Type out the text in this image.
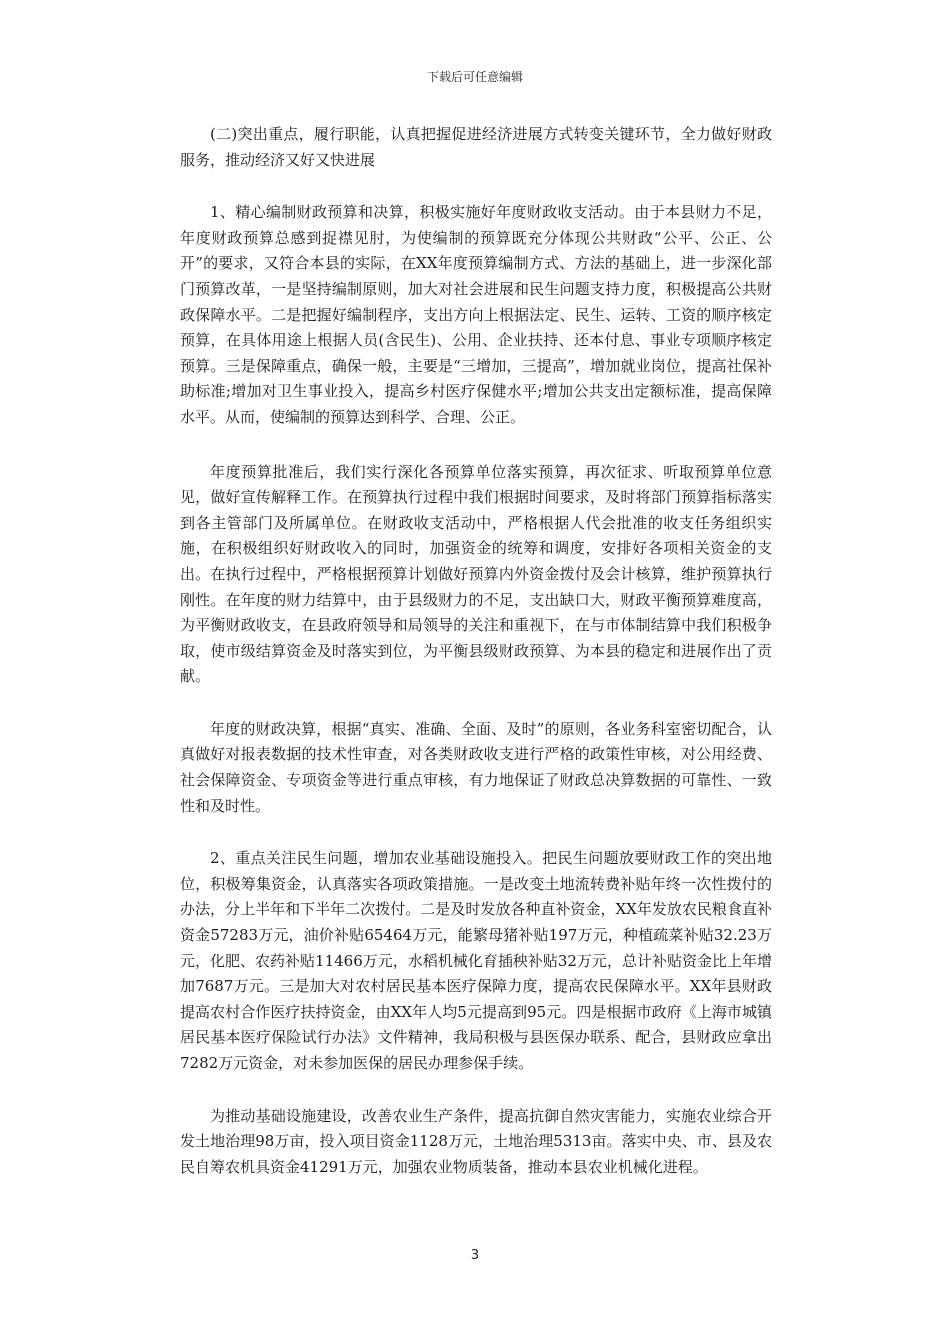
下载后可任意编辑

(二)突出重点，履行职能，认真把握促进经济进展方式转变关键环节，全力做好财政服务，推动经济又好又快进展

1、精心编制财政预算和决算，积极实施好年度财政收支活动。由于本县财力不足，年度财政预算总感到捉襟见肘，为使编制的预算既充分体现公共财政“公平、公正、公开”的要求，又符合本县的实际，在XX年度预算编制方式、方法的基础上，进一步深化部门预算改革，一是坚持编制原则，加大对社会进展和民生问题支持力度，积极提高公共财政保障水平。二是把握好编制程序，支出方向上根据法定、民生、运转、工资的顺序核定预算，在具体用途上根据人员(含民生)、公用、企业扶持、还本付息、事业专项顺序核定预算。三是保障重点，确保一般，主要是“三增加，三提高”，增加就业岗位，提高社保补助标准;增加对卫生事业投入，提高乡村医疗保健水平;增加公共支出定额标准，提高保障水平。从而，使编制的预算达到科学、合理、公正。

年度预算批准后，我们实行深化各预算单位落实预算，再次征求、听取预算单位意见，做好宣传解释工作。在预算执行过程中我们根据时间要求，及时将部门预算指标落实到各主管部门及所属单位。在财政收支活动中，严格根据人代会批准的收支任务组织实施，在积极组织好财政收入的同时，加强资金的统筹和调度，安排好各项相关资金的支出。在执行过程中，严格根据预算计划做好预算内外资金拨付及会计核算，维护预算执行刚性。在年度的财力结算中，由于县级财力的不足，支出缺口大，财政平衡预算难度高，为平衡财政收支，在县政府领导和局领导的关注和重视下，在与市体制结算中我们积极争取，使市级结算资金及时落实到位，为平衡县级财政预算、为本县的稳定和进展作出了贡献。

年度的财政决算，根据“真实、准确、全面、及时”的原则，各业务科室密切配合，认真做好对报表数据的技术性审查，对各类财政收支进行严格的政策性审核，对公用经费、社会保障资金、专项资金等进行重点审核，有力地保证了财政总决算数据的可靠性、一致性和及时性。

2、重点关注民生问题，增加农业基础设施投入。把民生问题放要财政工作的突出地位，积极筹集资金，认真落实各项政策措施。一是改变土地流转费补贴年终一次性拨付的办法，分上半年和下半年二次拨付。二是及时发放各种直补资金，XX年发放农民粮食直补资金57283万元，油价补贴65464万元，能繁母猪补贴197万元，种植疏菜补贴32.23万元，化肥、农药补贴11466万元，水稻机械化育插秧补贴32万元，总计补贴资金比上年增加7687万元。三是加大对农村居民基本医疗保障力度，提高农民保障水平。XX年县财政提高农村合作医疗扶持资金，由XX年人均5元提高到95元。四是根据市政府《上海市城镇居民基本医疗保险试行办法》文件精神，我局积极与县医保办联系、配合，县财政应拿出7282万元资金，对未参加医保的居民办理参保手续。

为推动基础设施建设，改善农业生产条件，提高抗御自然灾害能力，实施农业综合开发土地治理98万亩，投入项目资金1128万元，土地治理5313亩。落实中央、市、县及农民自筹农机具资金41291万元，加强农业物质装备，推动本县农业机械化进程。

3
